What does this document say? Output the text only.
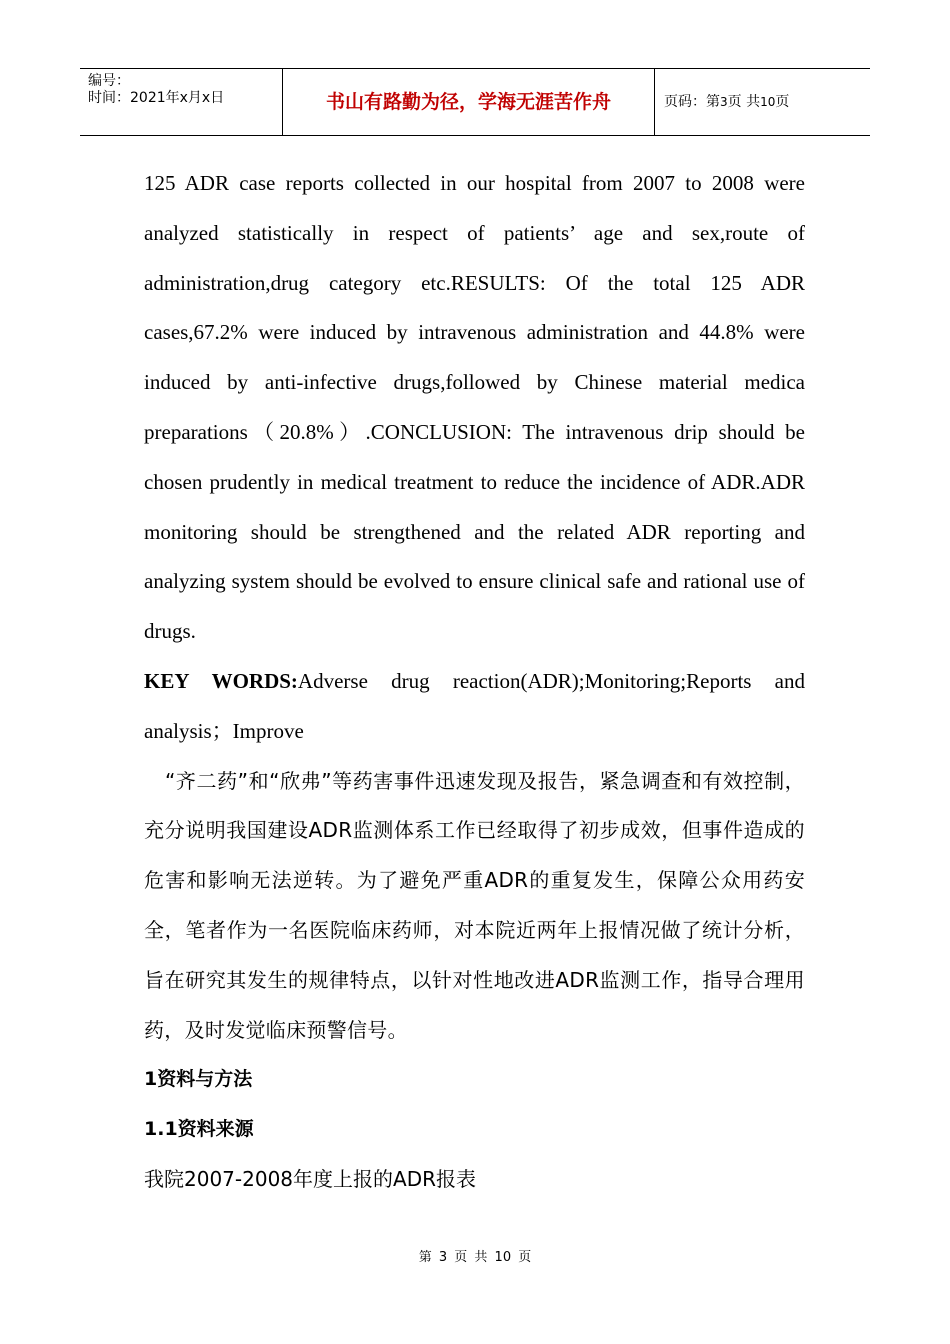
编号：
时间：2021年x月x日	书山有路勤为径，学海无涯苦作舟	页码：第3页 共10页

125 ADR case reports collected in our hospital from 2007 to 2008 were analyzed statistically in respect of patients’ age and sex,route of administration,drug category etc.RESULTS: Of the total 125 ADR cases,67.2% were induced by intravenous administration and 44.8% were induced by anti-infective drugs,followed by Chinese material medica preparations（20.8%）.CONCLUSION: The intravenous drip should be chosen prudently in medical treatment to reduce the incidence of ADR.ADR monitoring should be strengthened and the related ADR reporting and analyzing system should be evolved to ensure clinical safe and rational use of drugs.

KEY WORDS:Adverse drug reaction(ADR);Monitoring;Reports and analysis；Improve

“齐二药”和“欣弗”等药害事件迅速发现及报告，紧急调查和有效控制，充分说明我国建设ADR监测体系工作已经取得了初步成效，但事件造成的危害和影响无法逆转。为了避免严重ADR的重复发生，保障公众用药安全，笔者作为一名医院临床药师，对本院近两年上报情况做了统计分析，旨在研究其发生的规律特点，以针对性地改进ADR监测工作，指导合理用药，及时发觉临床预警信号。

1资料与方法

1.1资料来源

我院2007-2008年度上报的ADR报表

第 3 页 共 10 页
